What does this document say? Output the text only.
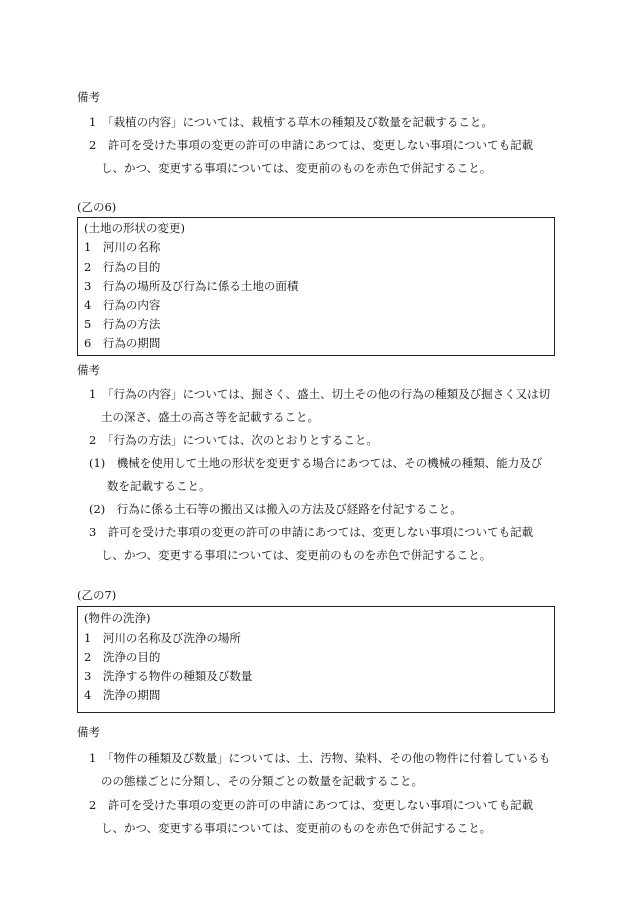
備考
1　「栽植の内容」については、栽植する草木の種類及び数量を記載すること。
2　許可を受けた事項の変更の許可の申請にあつては、変更しない事項についても記載
し、かつ、変更する事項については、変更前のものを赤色で併記すること。
(乙の6)
(土地の形状の変更)
1　河川の名称
2　行為の目的
3　行為の場所及び行為に係る土地の面積
4　行為の内容
5　行為の方法
6　行為の期間
備考
1　「行為の内容」については、掘さく、盛土、切土その他の行為の種類及び掘さく又は切
土の深さ、盛土の高さ等を記載すること。
2　「行為の方法」については、次のとおりとすること。
(1)　機械を使用して土地の形状を変更する場合にあつては、その機械の種類、能力及び
数を記載すること。
(2)　行為に係る土石等の搬出又は搬入の方法及び経路を付記すること。
3　許可を受けた事項の変更の許可の申請にあつては、変更しない事項についても記載
し、かつ、変更する事項については、変更前のものを赤色で併記すること。
(乙の7)
(物件の洗浄)
1　河川の名称及び洗浄の場所
2　洗浄の目的
3　洗浄する物件の種類及び数量
4　洗浄の期間
備考
1　「物件の種類及び数量」については、土、汚物、染料、その他の物件に付着しているも
のの態様ごとに分類し、その分類ごとの数量を記載すること。
2　許可を受けた事項の変更の許可の申請にあつては、変更しない事項についても記載
し、かつ、変更する事項については、変更前のものを赤色で併記すること。
